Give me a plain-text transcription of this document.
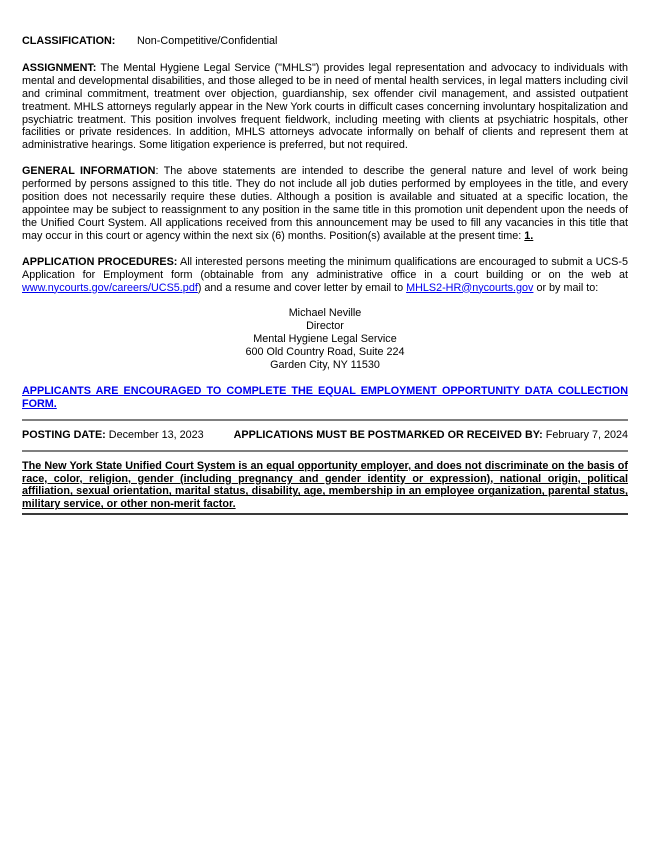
CLASSIFICATION: Non-Competitive/Confidential

ASSIGNMENT: The Mental Hygiene Legal Service ("MHLS") provides legal representation and advocacy to individuals with mental and developmental disabilities, and those alleged to be in need of mental health services, in legal matters including civil and criminal commitment, treatment over objection, guardianship, sex offender civil management, and assisted outpatient treatment. MHLS attorneys regularly appear in the New York courts in difficult cases concerning involuntary hospitalization and psychiatric treatment. This position involves frequent fieldwork, including meeting with clients at psychiatric hospitals, other facilities or private residences. In addition, MHLS attorneys advocate informally on behalf of clients and represent them at administrative hearings. Some litigation experience is preferred, but not required.

GENERAL INFORMATION: The above statements are intended to describe the general nature and level of work being performed by persons assigned to this title. They do not include all job duties performed by employees in the title, and every position does not necessarily require these duties. Although a position is available and situated at a specific location, the appointee may be subject to reassignment to any position in the same title in this promotion unit dependent upon the needs of the Unified Court System. All applications received from this announcement may be used to fill any vacancies in this title that may occur in this court or agency within the next six (6) months. Position(s) available at the present time: 1.

APPLICATION PROCEDURES: All interested persons meeting the minimum qualifications are encouraged to submit a UCS-5 Application for Employment form (obtainable from any administrative office in a court building or on the web at www.nycourts.gov/careers/UCS5.pdf) and a resume and cover letter by email to MHLS2-HR@nycourts.gov or by mail to:

Michael Neville
Director
Mental Hygiene Legal Service
600 Old Country Road, Suite 224
Garden City, NY 11530
APPLICANTS ARE ENCOURAGED TO COMPLETE THE EQUAL EMPLOYMENT OPPORTUNITY DATA COLLECTION
FORM.
POSTING DATE: December 13, 2023	APPLICATIONS MUST BE POSTMARKED OR RECEIVED BY: February 7, 2024

The New York State Unified Court System is an equal opportunity employer, and does not discriminate on the basis of race, color, religion, gender (including pregnancy and gender identity or expression), national origin, political affiliation, sexual orientation, marital status, disability, age, membership in an employee organization, parental status, military service, or other non-merit factor.
